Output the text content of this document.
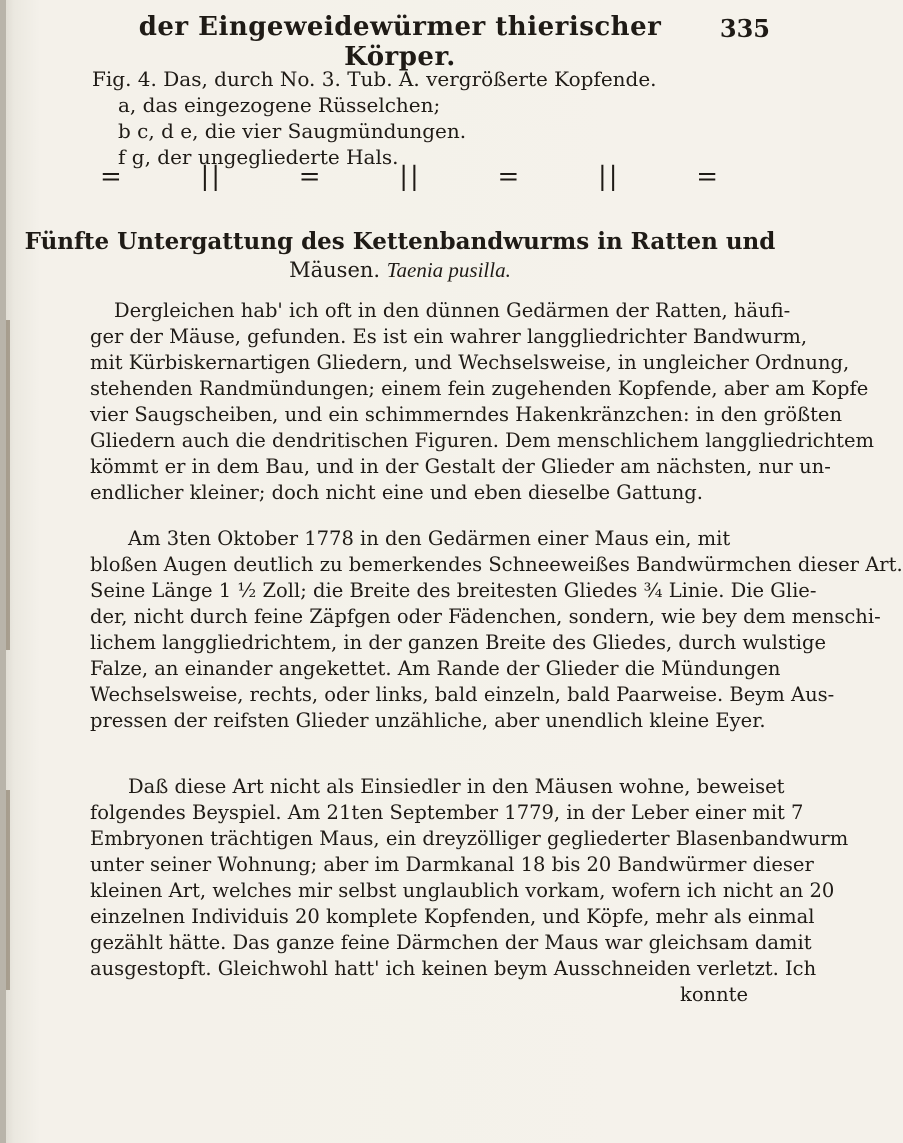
der Eingeweidewürmer thierischer Körper.
335
Fig. 4. Das, durch No. 3. Tub. A. vergrößerte Kopfende.
a, das eingezogene Rüsselchen;
b c, d e, die vier Saugmündungen.
f g, der ungegliederte Hals.
=	||	=	||	=	||	=
Fünfte Untergattung des Kettenbandwurms in Ratten und
Mäusen. Taenia pusilla.
Dergleichen hab' ich oft in den dünnen Gedärmen der Ratten, häufi-
ger der Mäuse, gefunden. Es ist ein wahrer langgliedrichter Bandwurm,
mit Kürbiskernartigen Gliedern, und Wechselsweise, in ungleicher Ordnung,
stehenden Randmündungen; einem fein zugehenden Kopfende, aber am Kopfe
vier Saugscheiben, und ein schimmerndes Hakenkränzchen: in den größten
Gliedern auch die dendritischen Figuren. Dem menschlichem langgliedrichtem
kömmt er in dem Bau, und in der Gestalt der Glieder am nächsten, nur un-
endlicher kleiner; doch nicht eine und eben dieselbe Gattung.
Am 3ten Oktober 1778 in den Gedärmen einer Maus ein, mit
bloßen Augen deutlich zu bemerkendes Schneeweißes Bandwürmchen dieser Art.
Seine Länge 1 ½ Zoll; die Breite des breitesten Gliedes ¾ Linie. Die Glie-
der, nicht durch feine Zäpfgen oder Fädenchen, sondern, wie bey dem menschi-
lichem langgliedrichtem, in der ganzen Breite des Gliedes, durch wulstige
Falze, an einander angekettet. Am Rande der Glieder die Mündungen
Wechselsweise, rechts, oder links, bald einzeln, bald Paarweise. Beym Aus-
pressen der reifsten Glieder unzähliche, aber unendlich kleine Eyer.
Daß diese Art nicht als Einsiedler in den Mäusen wohne, beweiset
folgendes Beyspiel. Am 21ten September 1779, in der Leber einer mit 7
Embryonen trächtigen Maus, ein dreyzölliger gegliederter Blasenbandwurm
unter seiner Wohnung; aber im Darmkanal 18 bis 20 Bandwürmer dieser
kleinen Art, welches mir selbst unglaublich vorkam, wofern ich nicht an 20
einzelnen Individuis 20 komplete Kopfenden, und Köpfe, mehr als einmal
gezählt hätte. Das ganze feine Därmchen der Maus war gleichsam damit
ausgestopft. Gleichwohl hatt' ich keinen beym Ausschneiden verletzt. Ich
konnte
